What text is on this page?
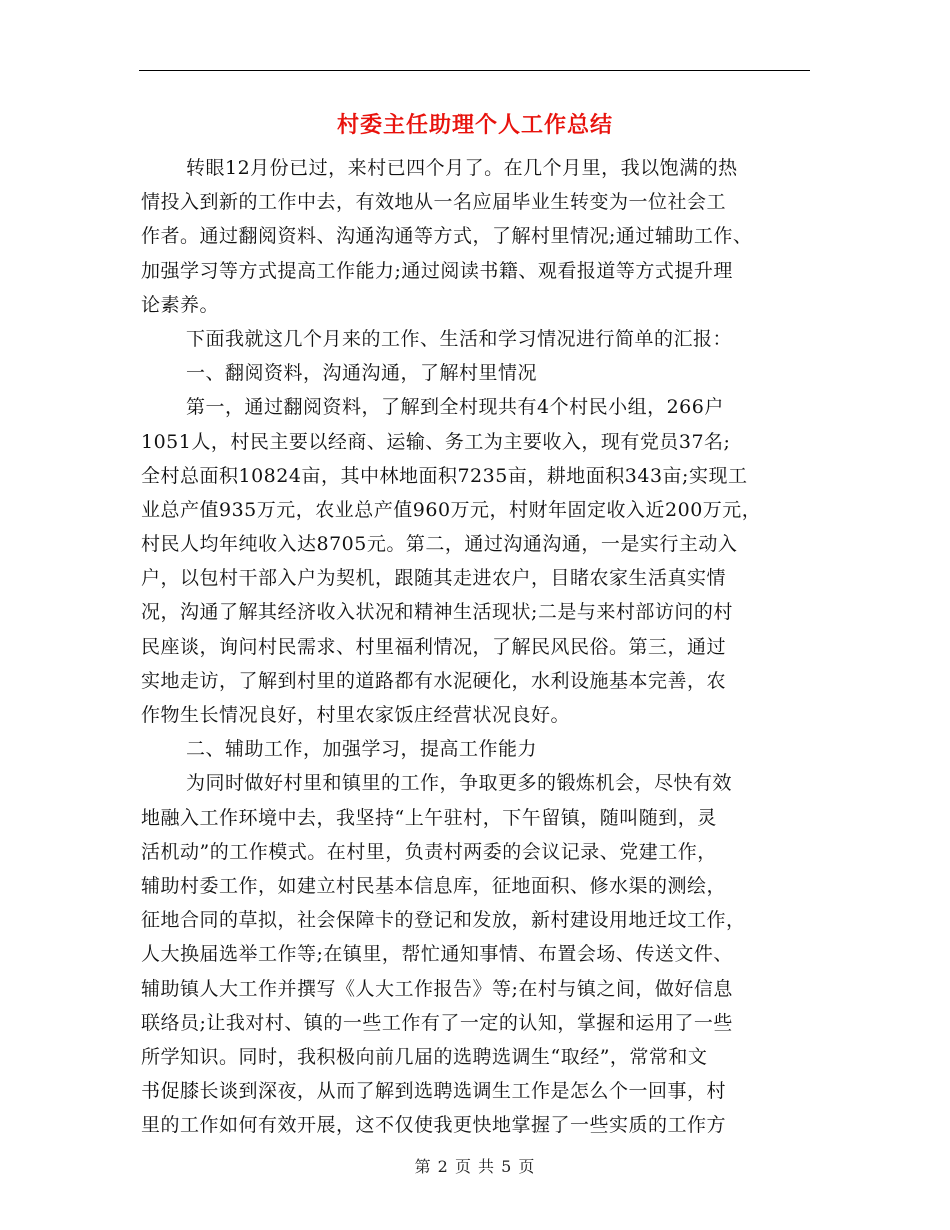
村委主任助理个人工作总结
转眼12月份已过，来村已四个月了。在几个月里，我以饱满的热
情投入到新的工作中去，有效地从一名应届毕业生转变为一位社会工
作者。通过翻阅资料、沟通沟通等方式，了解村里情况;通过辅助工作、
加强学习等方式提高工作能力;通过阅读书籍、观看报道等方式提升理
论素养。
下面我就这几个月来的工作、生活和学习情况进行简单的汇报：
一、翻阅资料，沟通沟通，了解村里情况
第一，通过翻阅资料，了解到全村现共有4个村民小组，266户
1051人，村民主要以经商、运输、务工为主要收入，现有党员37名;
全村总面积10824亩，其中林地面积7235亩，耕地面积343亩;实现工
业总产值935万元，农业总产值960万元，村财年固定收入近200万元，
村民人均年纯收入达8705元。第二，通过沟通沟通，一是实行主动入
户，以包村干部入户为契机，跟随其走进农户，目睹农家生活真实情
况，沟通了解其经济收入状况和精神生活现状;二是与来村部访问的村
民座谈，询问村民需求、村里福利情况，了解民风民俗。第三，通过
实地走访，了解到村里的道路都有水泥硬化，水利设施基本完善，农
作物生长情况良好，村里农家饭庄经营状况良好。
二、辅助工作，加强学习，提高工作能力
为同时做好村里和镇里的工作，争取更多的锻炼机会，尽快有效
地融入工作环境中去，我坚持“上午驻村，下午留镇，随叫随到，灵
活机动”的工作模式。在村里，负责村两委的会议记录、党建工作，
辅助村委工作，如建立村民基本信息库，征地面积、修水渠的测绘，
征地合同的草拟，社会保障卡的登记和发放，新村建设用地迁坟工作，
人大换届选举工作等;在镇里，帮忙通知事情、布置会场、传送文件、
辅助镇人大工作并撰写《人大工作报告》等;在村与镇之间，做好信息
联络员;让我对村、镇的一些工作有了一定的认知，掌握和运用了一些
所学知识。同时，我积极向前几届的选聘选调生“取经”，常常和文
书促膝长谈到深夜，从而了解到选聘选调生工作是怎么个一回事，村
里的工作如何有效开展，这不仅使我更快地掌握了一些实质的工作方
第 2 页 共 5 页
